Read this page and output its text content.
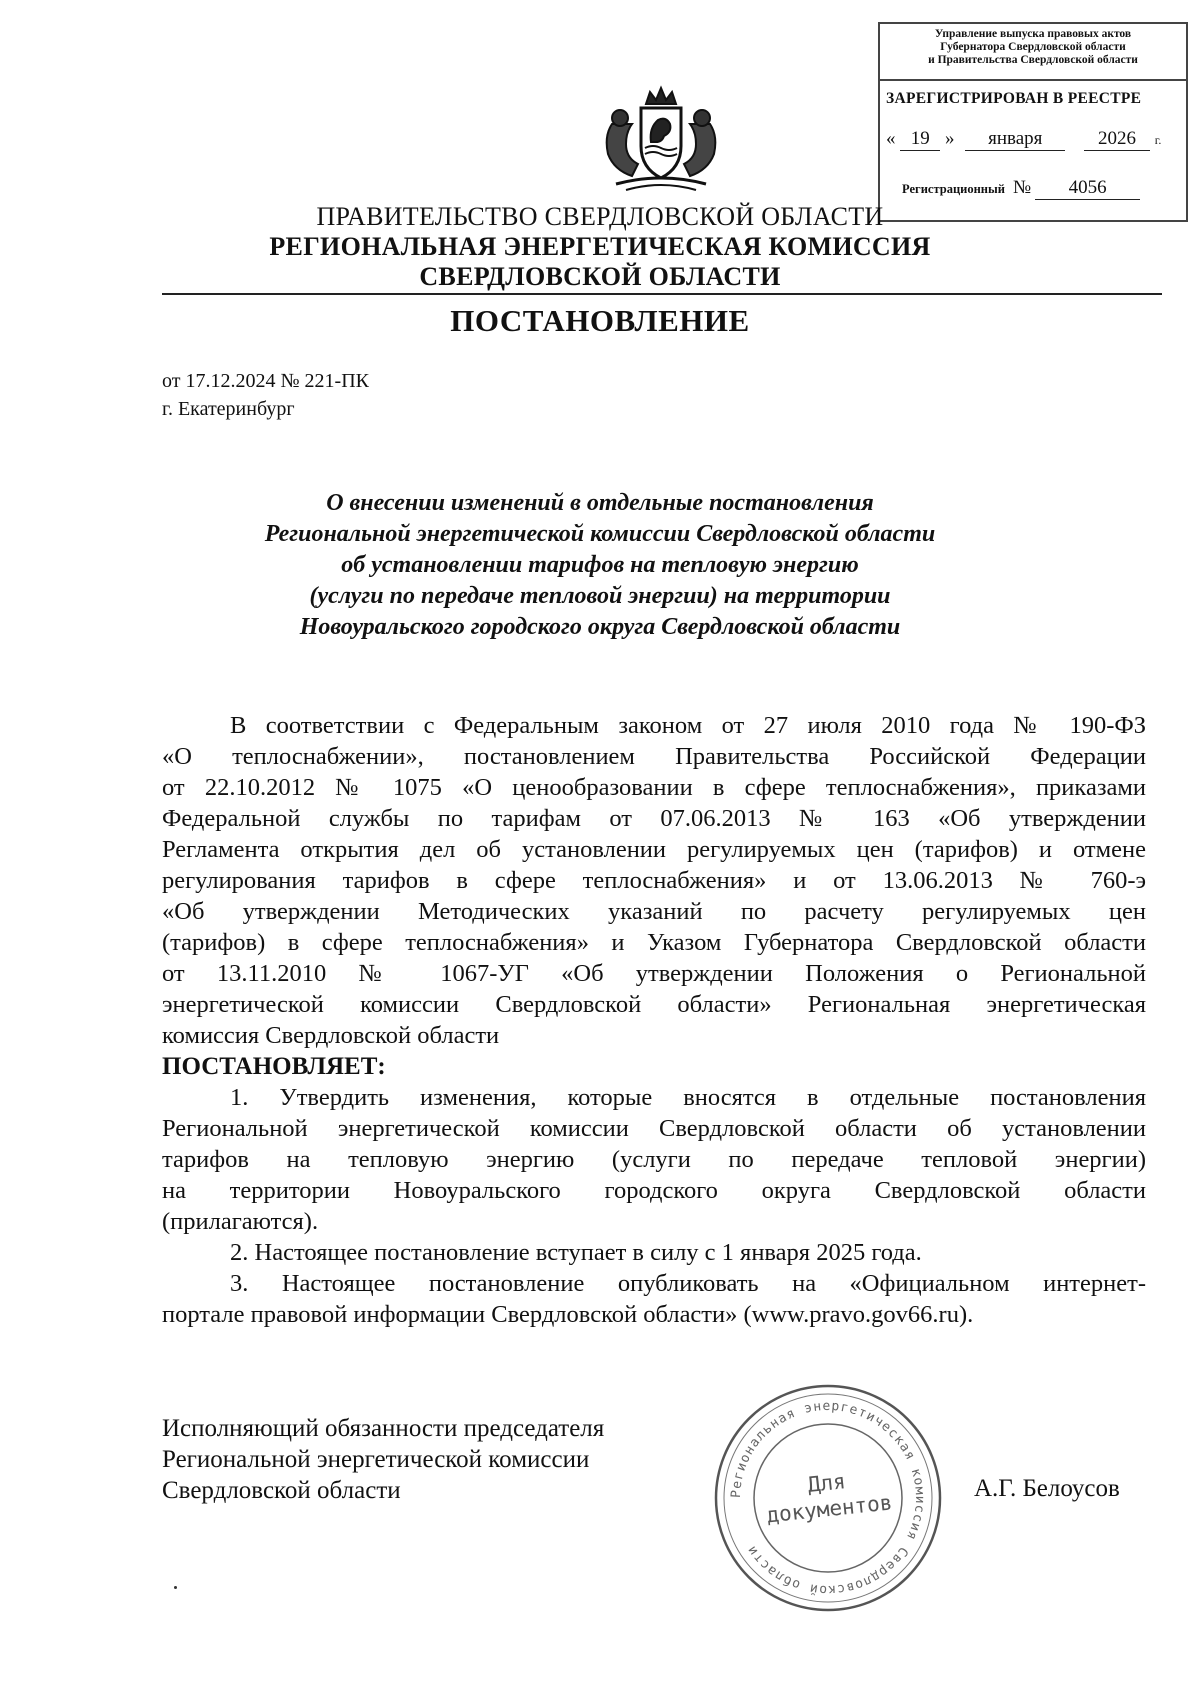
Управление выпуска правовых актов
Губернатора Свердловской области
и Правительства Свердловской области
ЗАРЕГИСТРИРОВАН В РЕЕСТРЕ
« 19 » января	2026 г.
Регистрационный № 4056
ПРАВИТЕЛЬСТВО СВЕРДЛОВСКОЙ ОБЛАСТИ
РЕГИОНАЛЬНАЯ ЭНЕРГЕТИЧЕСКАЯ КОМИССИЯ
СВЕРДЛОВСКОЙ ОБЛАСТИ
ПОСТАНОВЛЕНИЕ
от 17.12.2024 № 221-ПК
г. Екатеринбург
О внесении изменений в отдельные постановления
Региональной энергетической комиссии Свердловской области
об установлении тарифов на тепловую энергию
(услуги по передаче тепловой энергии) на территории
Новоуральского городского округа Свердловской области
В соответствии с Федеральным законом от 27 июля 2010 года № 190-ФЗ
«О теплоснабжении», постановлением Правительства Российской Федерации
от 22.10.2012 № 1075 «О ценообразовании в сфере теплоснабжения», приказами
Федеральной службы по тарифам от 07.06.2013 № 163 «Об утверждении
Регламента открытия дел об установлении регулируемых цен (тарифов) и отмене
регулирования тарифов в сфере теплоснабжения» и от 13.06.2013 № 760-э
«Об утверждении Методических указаний по расчету регулируемых цен
(тарифов) в сфере теплоснабжения» и Указом Губернатора Свердловской области
от 13.11.2010 № 1067-УГ «Об утверждении Положения о Региональной
энергетической комиссии Свердловской области» Региональная энергетическая
комиссия Свердловской области
ПОСТАНОВЛЯЕТ:
1. Утвердить изменения, которые вносятся в отдельные постановления
Региональной энергетической комиссии Свердловской области об установлении
тарифов на тепловую энергию (услуги по передаче тепловой энергии)
на территории Новоуральского городского округа Свердловской области
(прилагаются).
2. Настоящее постановление вступает в силу с 1 января 2025 года.
3. Настоящее постановление опубликовать на «Официальном интернет-
портале правовой информации Свердловской области» (www.pravo.gov66.ru).
Исполняющий обязанности председателя
Региональной энергетической комиссии
Свердловской области	А.Г. Белоусов
Региональная энергетическая комиссия Свердловской области
Для
документов
